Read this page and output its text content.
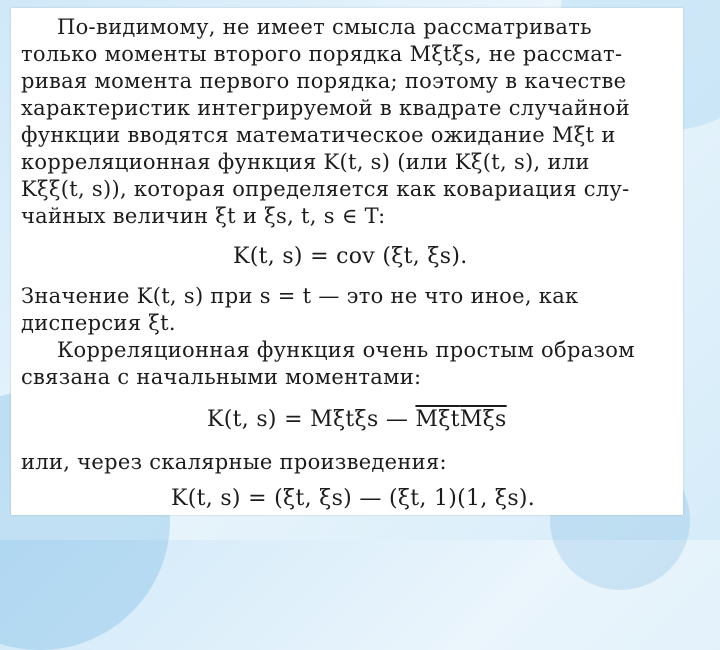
По-видимому, не имеет смысла рассматривать
только моменты второго порядка Mξtξs, не рассмат-
ривая момента первого порядка; поэтому в качестве
характеристик интегрируемой в квадрате случайной
функции вводятся математическое ожидание Mξt и
корреляционная функция K(t, s) (или Kξ(t, s), или
Kξξ(t, s)), которая определяется как ковариация слу-
чайных величин ξt и ξs, t, s ∈ T:
K(t, s) = cov (ξt, ξs).
Значение K(t, s) при s = t — это не что иное, как
дисперсия ξt.
Корреляционная функция очень простым образом
связана с начальными моментами:
K(t, s) = Mξtξs — $\overline{M\xi t}\overline{M\xi s}$
или, через скалярные произведения:
K(t, s) = (ξt, ξs) — (ξt, 1)(1, ξs).
